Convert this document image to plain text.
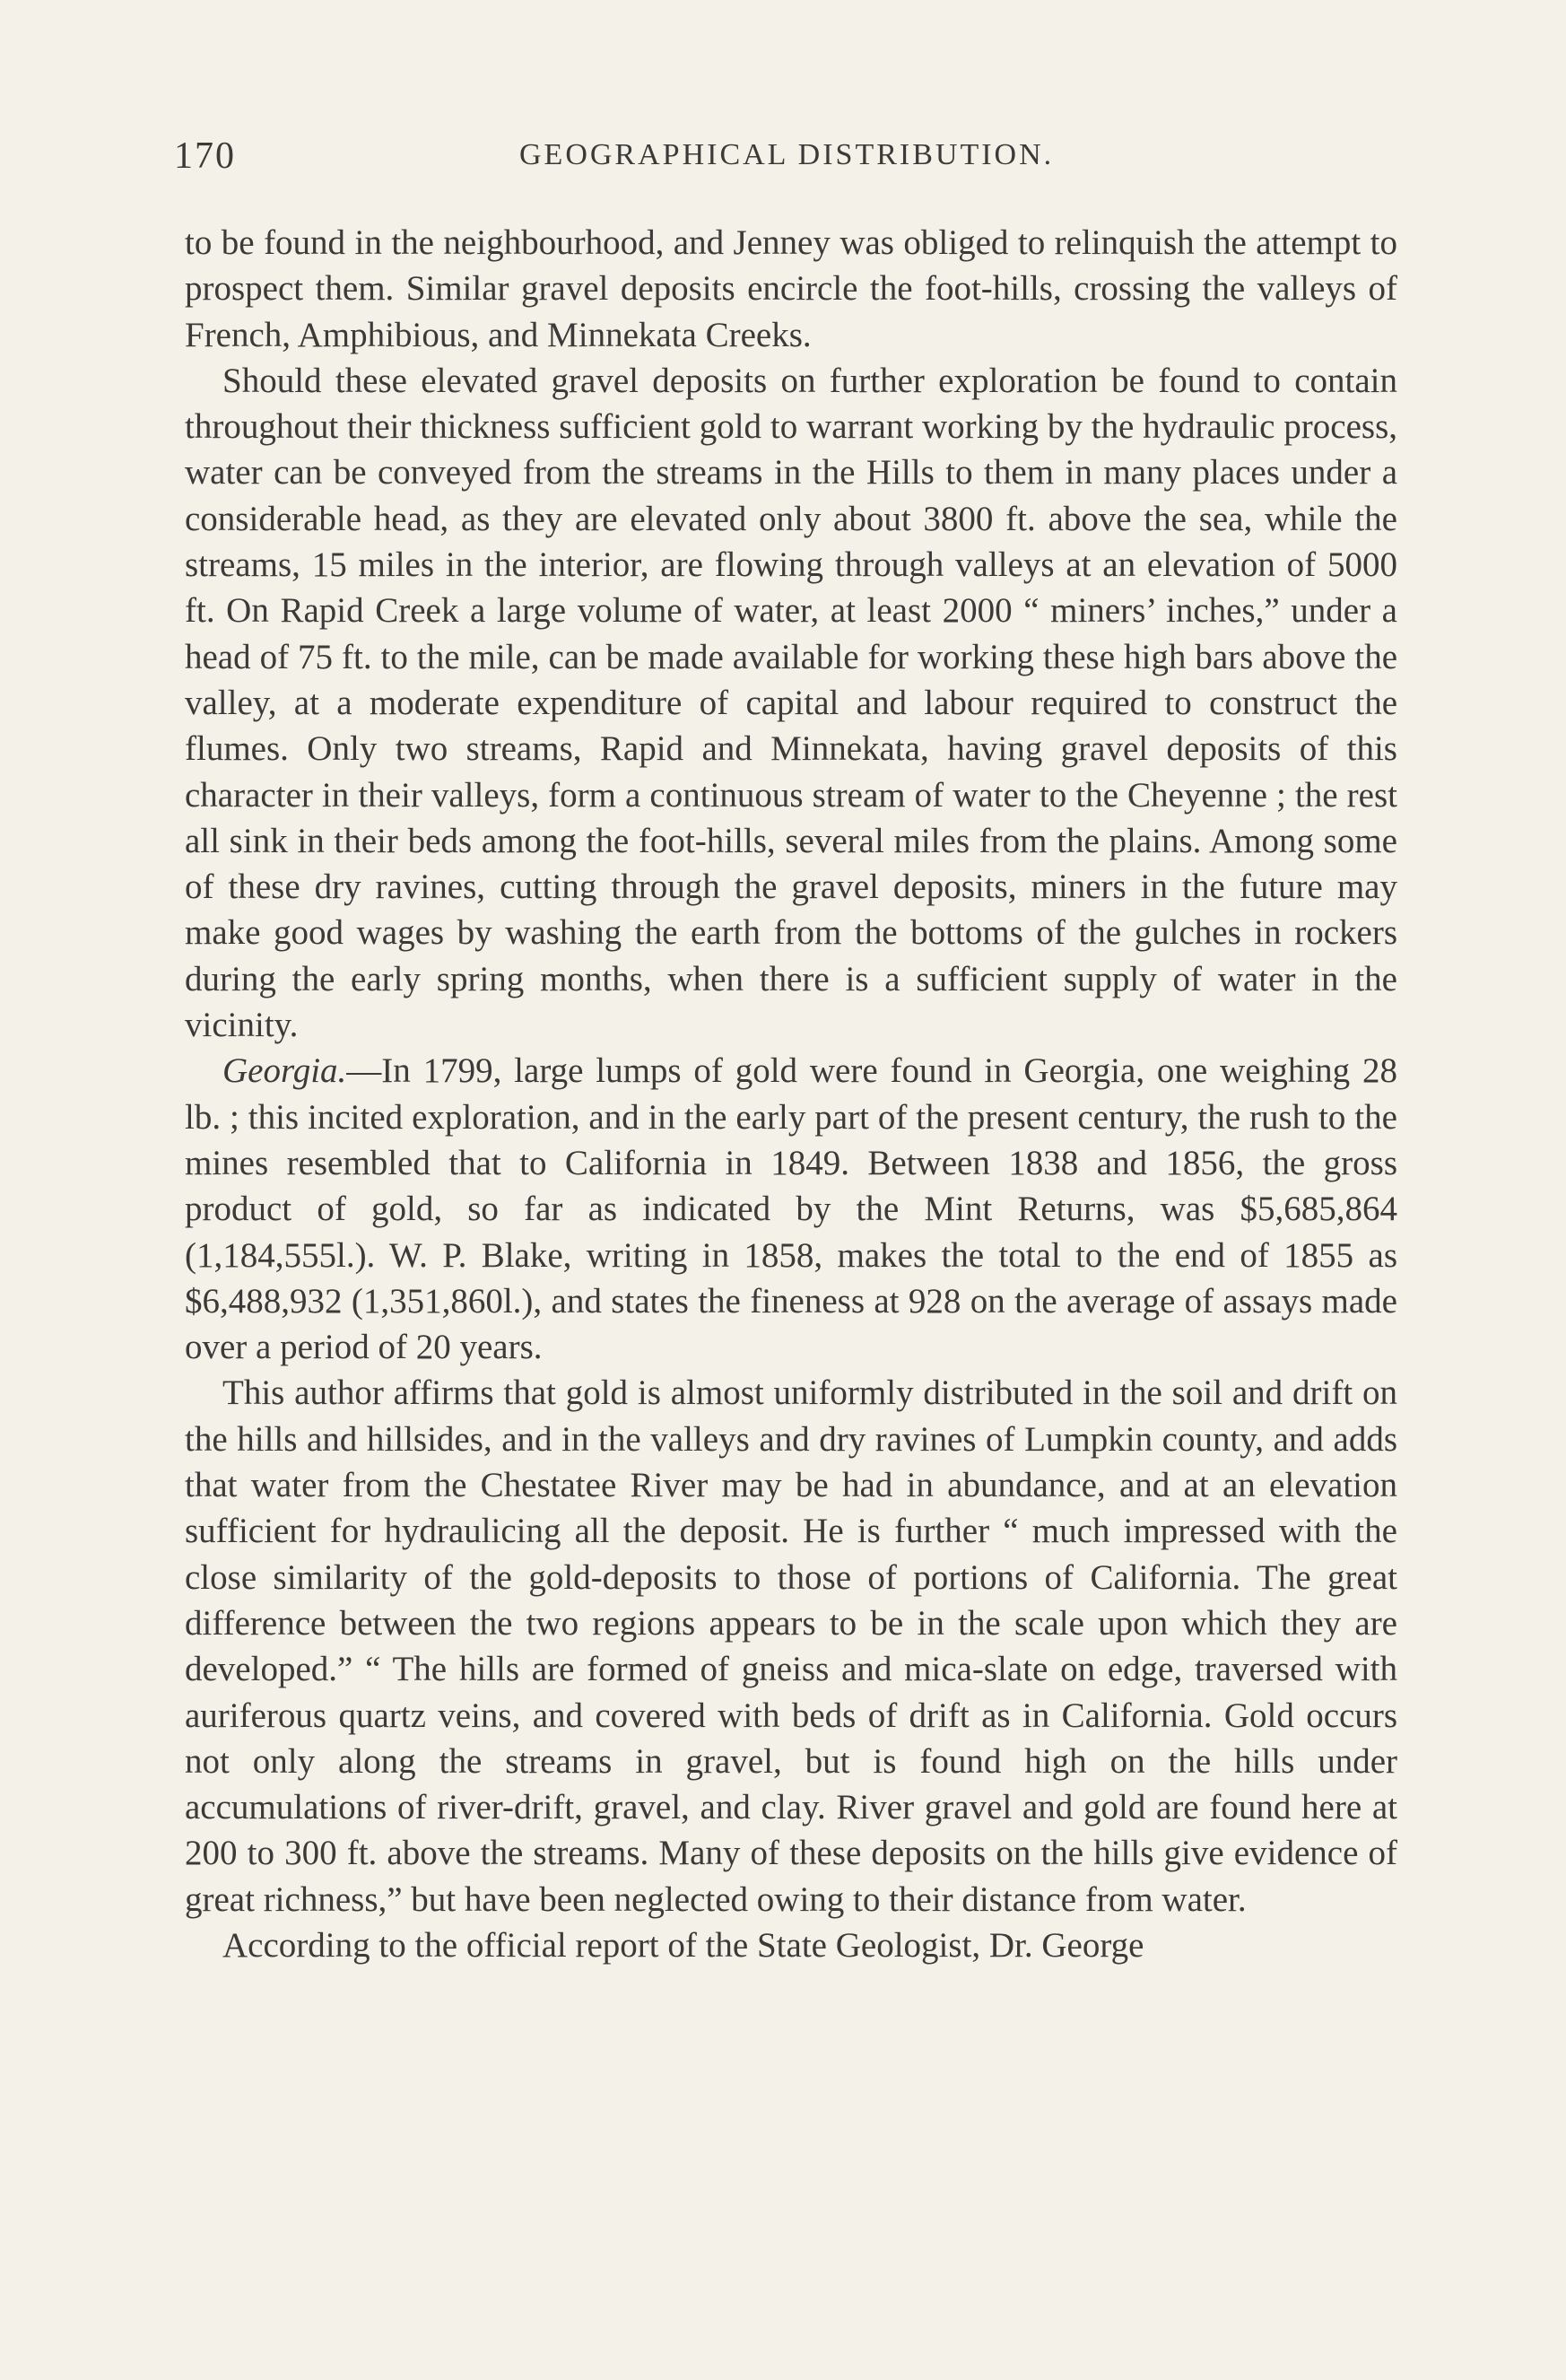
170	GEOGRAPHICAL DISTRIBUTION.

to be found in the neighbourhood, and Jenney was obliged to relinquish the attempt to prospect them. Similar gravel deposits encircle the foot-hills, crossing the valleys of French, Amphibious, and Minnekata Creeks.

Should these elevated gravel deposits on further exploration be found to contain throughout their thickness sufficient gold to warrant working by the hydraulic process, water can be conveyed from the streams in the Hills to them in many places under a considerable head, as they are elevated only about 3800 ft. above the sea, while the streams, 15 miles in the interior, are flowing through valleys at an elevation of 5000 ft. On Rapid Creek a large volume of water, at least 2000 “ miners’ inches,” under a head of 75 ft. to the mile, can be made available for working these high bars above the valley, at a moderate expenditure of capital and labour required to construct the flumes. Only two streams, Rapid and Minnekata, having gravel deposits of this character in their valleys, form a continuous stream of water to the Cheyenne ; the rest all sink in their beds among the foot-hills, several miles from the plains. Among some of these dry ravines, cutting through the gravel deposits, miners in the future may make good wages by washing the earth from the bottoms of the gulches in rockers during the early spring months, when there is a sufficient supply of water in the vicinity.

Georgia.—In 1799, large lumps of gold were found in Georgia, one weighing 28 lb. ; this incited exploration, and in the early part of the present century, the rush to the mines resembled that to California in 1849. Between 1838 and 1856, the gross product of gold, so far as indicated by the Mint Returns, was $5,685,864 (1,184,555l.). W. P. Blake, writing in 1858, makes the total to the end of 1855 as $6,488,932 (1,351,860l.), and states the fineness at 928 on the average of assays made over a period of 20 years.

This author affirms that gold is almost uniformly distributed in the soil and drift on the hills and hillsides, and in the valleys and dry ravines of Lumpkin county, and adds that water from the Chestatee River may be had in abundance, and at an elevation sufficient for hydraulicing all the deposit. He is further “ much impressed with the close similarity of the gold-deposits to those of portions of California. The great difference between the two regions appears to be in the scale upon which they are developed.” “ The hills are formed of gneiss and mica-slate on edge, traversed with auriferous quartz veins, and covered with beds of drift as in California. Gold occurs not only along the streams in gravel, but is found high on the hills under accumulations of river-drift, gravel, and clay. River gravel and gold are found here at 200 to 300 ft. above the streams. Many of these deposits on the hills give evidence of great richness,” but have been neglected owing to their distance from water.

According to the official report of the State Geologist, Dr. George
